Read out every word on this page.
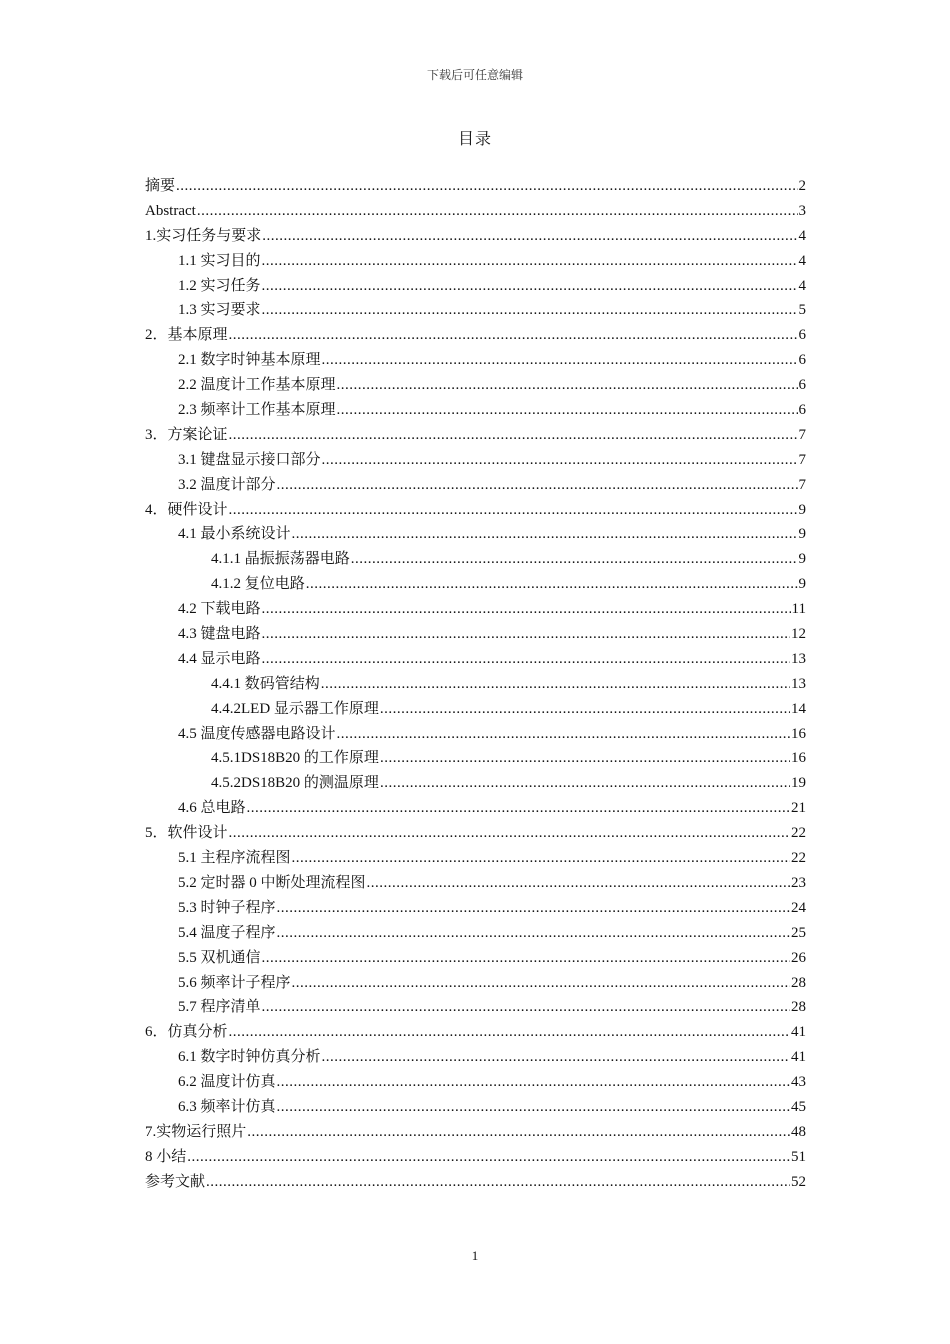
下载后可任意编辑
目录
摘要 .....	2
Abstract .....	3
1.实习任务与要求 .....	4
1.1 实习目的 .....	4
1.2 实习任务 .....	4
1.3 实习要求 .....	5
2．基本原理 .....	6
2.1 数字时钟基本原理 .....	6
2.2 温度计工作基本原理 .....	6
2.3 频率计工作基本原理 .....	6
3．方案论证 .....	7
3.1 键盘显示接口部分 .....	7
3.2 温度计部分 .....	7
4．硬件设计 .....	9
4.1 最小系统设计 .....	9
4.1.1 晶振振荡器电路 .....	9
4.1.2 复位电路 .....	9
4.2 下载电路 .....	11
4.3 键盘电路 .....	12
4.4 显示电路 .....	13
4.4.1 数码管结构 .....	13
4.4.2LED 显示器工作原理 .....	14
4.5 温度传感器电路设计 .....	16
4.5.1DS18B20 的工作原理 .....	16
4.5.2DS18B20 的测温原理 .....	19
4.6 总电路 .....	21
5．软件设计 .....	22
5.1 主程序流程图 .....	22
5.2 定时器 0 中断处理流程图 .....	23
5.3 时钟子程序 .....	24
5.4 温度子程序 .....	25
5.5 双机通信 .....	26
5.6 频率计子程序 .....	28
5.7 程序清单 .....	28
6．仿真分析 .....	41
6.1 数字时钟仿真分析 .....	41
6.2 温度计仿真 .....	43
6.3 频率计仿真 .....	45
7.实物运行照片 .....	48
8 小结 .....	51
参考文献 .....	52
1
